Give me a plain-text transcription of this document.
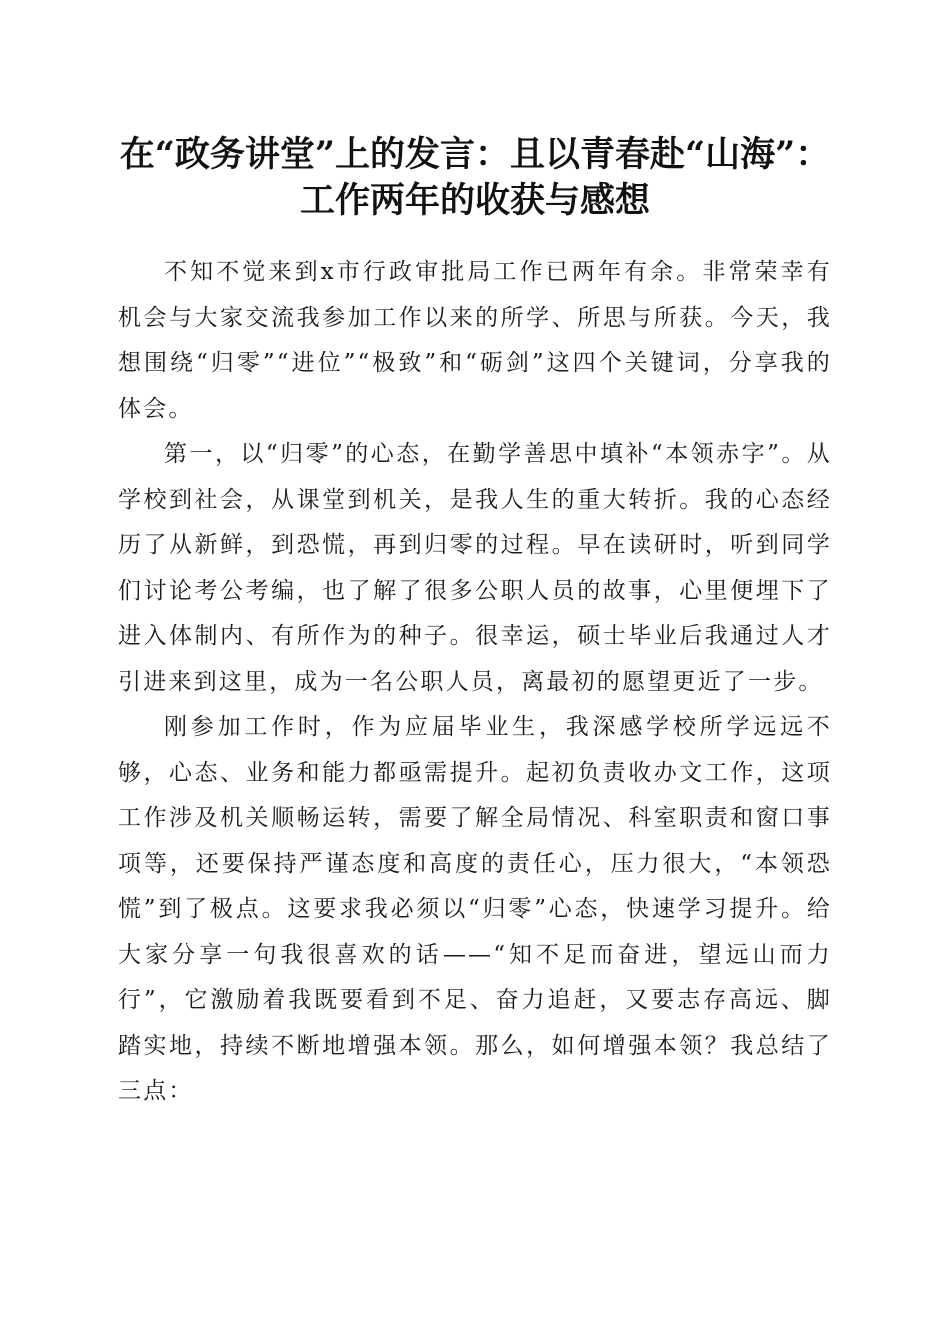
在“政务讲堂”上的发言：且以青春赴“山海”：工作两年的收获与感想

不知不觉来到x市行政审批局工作已两年有余。非常荣幸有机会与大家交流我参加工作以来的所学、所思与所获。今天，我想围绕“归零”“进位”“极致”和“砺剑”这四个关键词，分享我的体会。

第一，以“归零”的心态，在勤学善思中填补“本领赤字”。从学校到社会，从课堂到机关，是我人生的重大转折。我的心态经历了从新鲜，到恐慌，再到归零的过程。早在读研时，听到同学们讨论考公考编，也了解了很多公职人员的故事，心里便埋下了进入体制内、有所作为的种子。很幸运，硕士毕业后我通过人才引进来到这里，成为一名公职人员，离最初的愿望更近了一步。

刚参加工作时，作为应届毕业生，我深感学校所学远远不够，心态、业务和能力都亟需提升。起初负责收办文工作，这项工作涉及机关顺畅运转，需要了解全局情况、科室职责和窗口事项等，还要保持严谨态度和高度的责任心，压力很大，“本领恐慌”到了极点。这要求我必须以“归零”心态，快速学习提升。给大家分享一句我很喜欢的话——“知不足而奋进，望远山而力行”，它激励着我既要看到不足、奋力追赶，又要志存高远、脚踏实地，持续不断地增强本领。那么，如何增强本领？我总结了三点：
